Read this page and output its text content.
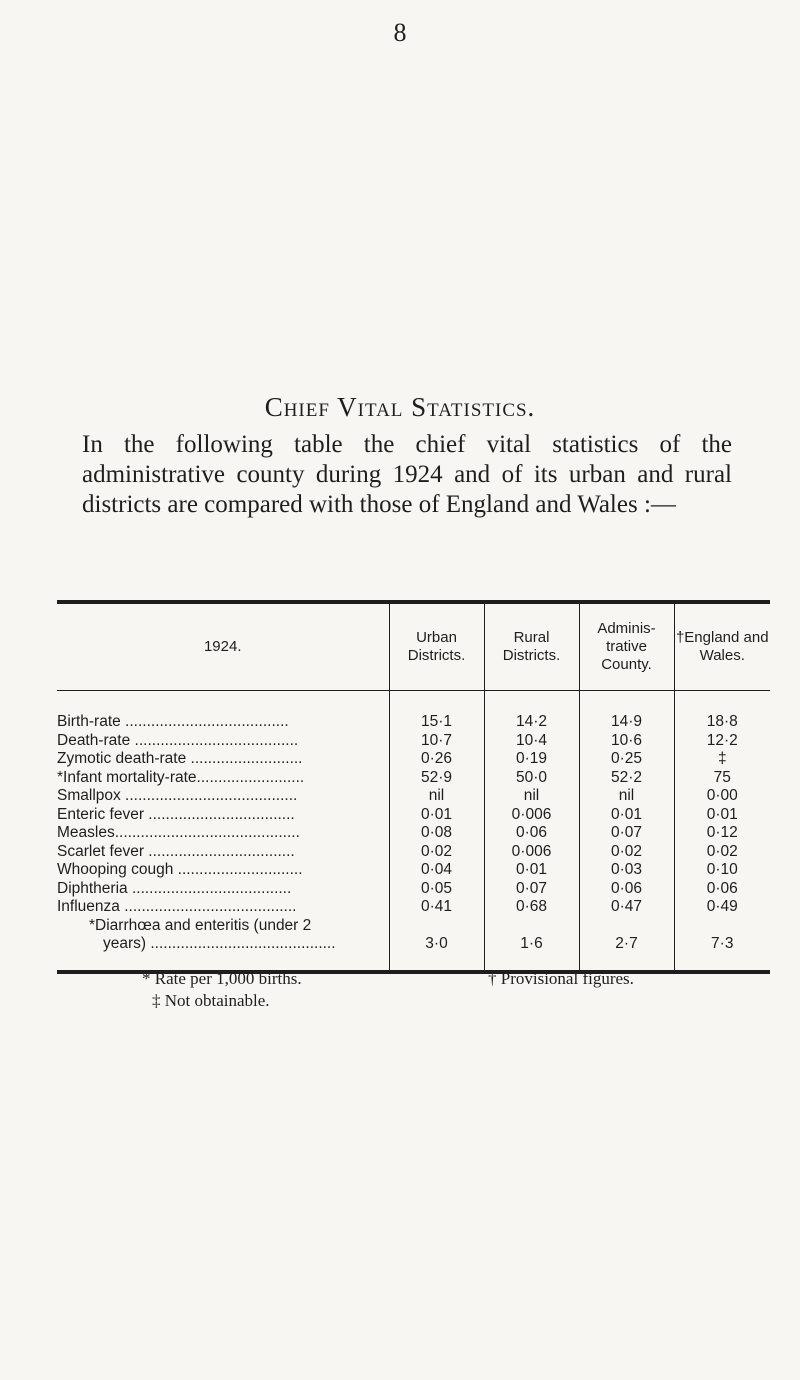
8
Chief Vital Statistics.
In the following table the chief vital statistics of the administrative county during 1924 and of its urban and rural districts are compared with those of England and Wales :—
1924.	Urban Districts.	Rural Districts.	Adminis-trative County.	†England and Wales.

Birth-rate ......................................	15·1	14·2	14·9	18·8
Death-rate ......................................	10·7	10·4	10·6	12·2
Zymotic death-rate ..........................	0·26	0·19	0·25	‡
*Infant mortality-rate.........................	52·9	50·0	52·2	75
Smallpox ........................................	nil	nil	nil	0·00
Enteric fever ..................................	0·01	0·006	0·01	0·01
Measles...........................................	0·08	0·06	0·07	0·12
Scarlet fever ..................................	0·02	0·006	0·02	0·02
Whooping cough .............................	0·04	0·01	0·03	0·10
Diphtheria .....................................	0·05	0·07	0·06	0·06
Influenza ........................................	0·41	0·68	0·47	0·49
*Diarrhœa and enteritis (under 2				
years) ...........................................	3·0	1·6	2·7	7·3

* Rate per 1,000 births.	† Provisional figures.
‡ Not obtainable.
